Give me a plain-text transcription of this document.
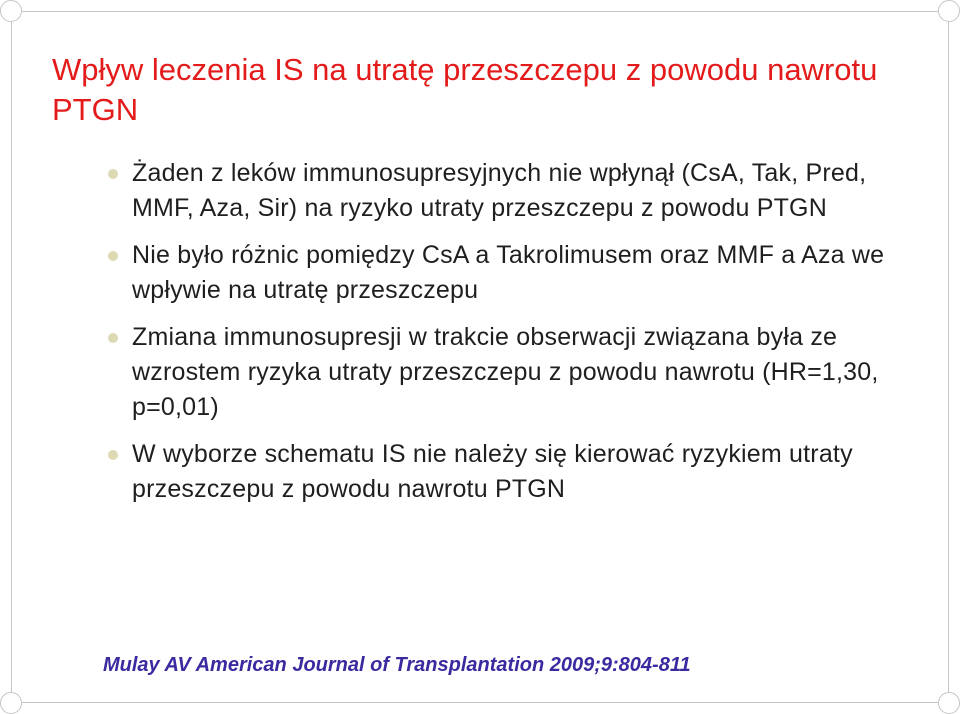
Wpływ leczenia IS na utratę przeszczepu z powodu nawrotu PTGN
Żaden z leków immunosupresyjnych nie wpłynął (CsA, Tak, Pred, MMF, Aza, Sir) na ryzyko utraty przeszczepu z powodu PTGN
Nie było różnic pomiędzy CsA a Takrolimusem oraz MMF a Aza we wpływie na utratę przeszczepu
Zmiana immunosupresji w trakcie obserwacji związana była ze wzrostem ryzyka utraty przeszczepu z powodu nawrotu (HR=1,30, p=0,01)
W wyborze schematu IS nie należy się kierować ryzykiem utraty przeszczepu z powodu nawrotu PTGN

Mulay AV American Journal of Transplantation 2009;9:804-811
